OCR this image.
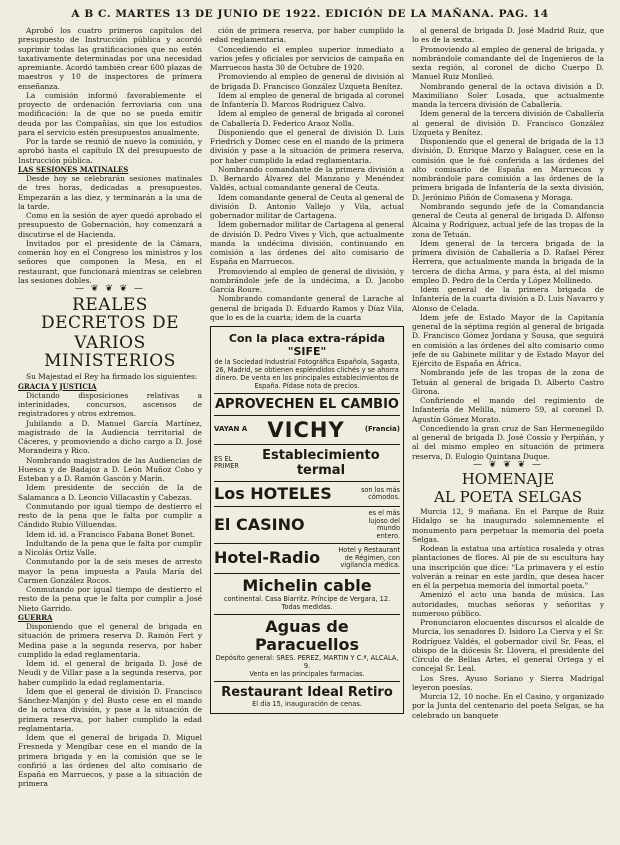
A B C. MARTES 13 DE JUNIO DE 1922. EDICIÓN DE LA MAÑANA. PAG. 14

Aprobó los cuatro primeros capítulos del presupuesto de Instrucción pública y acordó suprimir todas las gratificaciones que no estén taxativamente determinadas por una necesidad apremiante. Acordó también crear 600 plazas de maestros y 10 de inspectores de primera enseñanza.

La comisión informó favorablemente el proyecto de ordenación ferroviaria con una modificación: la de que no se pueda emitir deuda por las Compañías, sin que los estudios para el servicio estén presupuestos anualmente.

Por la tarde se reunió de nuevo la comisión, y aprobó hasta el capítulo IX del presupuesto de Instrucción pública.

LAS SESIONES MATINALES

Desde hoy se celebrarán sesiones matinales de tres horas, dedicadas a presupuestos. Empezarán a las diez, y terminarán a la una de la tarde.

Como en la sesión de ayer quedó aprobado el presupuesto de Gobernación, hoy comenzará a discutirse el de Hacienda.

Invitados por el presidente de la Cámara, comerán hoy en el Congreso los ministros y los señores que componen la Mesa, en el restaurant, que funcionará mientras se celebren las sesiones dobles.

— ❦ ❦ ❦ —

REALES DECRETOS DE

VARIOS MINISTERIOS

Su Majestad el Rey ha firmado los siguientes:

GRACIA Y JUSTICIA

Dictando disposiciones relativas a interinidades, concursos, ascensos de registradores y otros extremos.

Jubilando a D. Manuel García Martínez, magistrado de la Audiencia territorial de Cáceres, y promoviendo a dicho cargo a D. José Morandeira y Rico.

Nombrando magistrados de las Audiencias de Huesca y de Badajoz a D. León Muñoz Cobo y Esteban y a D. Ramón Gascón y Marín.

Idem presidente de sección de la de Salamanca a D. Leoncio Villacastín y Cabezas.

Conmutando por igual tiempo de destierro el resto de la pena que le falta por cumplir a Cándido Rubio Villuendas.

Idem id. id. a Francisco Fabana Bonet Bonet.

Indultando de la pena que le falta por cumplir a Nicolás Ortiz Valle.

Conmutando por la de seis meses de arresto mayor la pena impuesta a Paula María del Carmen González Rocos.

Conmutando por igual tiempo de destierro el resto de la pena que le falta por cumplir a José Nieto Garrido.

GUERRA

Disponiendo que el general de brigada en situación de primera reserva D. Ramón Fert y Medina pase a la segunda reserva, por haber cumplido la edad reglamentaria.

Idem id. el general de brigada D. José de Neudi y de Villar pase a la segunda reserva, por haber cumplido la edad reglamentaria.

Idem que el general de división D. Francisco Sánchez-Manjón y del Busto cese en el mando de la octava división, y pase a la situación de primera reserva, por haber cumplido la edad reglamentaria.

Idem que el general de brigada D. Miguel Fresneda y Mengíbar cese en el mando de la primera brigada y en la comisión que se le confirió a las órdenes del alto comisario de España en Marruecos, y pase a la situación de primera

ción de primera reserva, por haber cumplido la edad reglamentaria.

Concediendo el empleo superior inmediato a varios jefes y oficiales por servicios de campaña en Marruecos hasta 30 de Octubre de 1920.

Promoviendo al empleo de general de división al de brigada D. Francisco González Uzqueta Benítez.

Idem al empleo de general de brigada al coronel de Infantería D. Marcos Rodríguez Calvo.

Idem al empleo de general de brigada al coronel de Caballería D. Federico Araoz Nolla.

Disponiendo que el general de división D. Luis Friedrich y Domec cese en el mando de la primera división y pase a la situación de primera reserva, por haber cumplido la edad reglamentaria.

Nombrando comandante de la primera división a D. Bernardo Álvarez del Manzano y Menéndez Valdés, actual comandante general de Ceuta.

Idem comandante general de Ceuta al general de división D. Antonio Vallejo y Vila, actual gobernador militar de Cartagena.

Idem gobernador militar de Cartagena al general de división D. Pedro Vives y Vich, que actualmente manda la undécima división, continuando en comisión a las órdenes del alto comisario de España en Marruecos.

Promoviendo al empleo de general de división, y nombrándole jefe de la undécima, a D. Jacobo García Roure.

Nombrando comandante general de Larache al general de brigada D. Eduardo Ramos y Díaz Vila, que lo es de la cuarta; idem de la cuarta

Con la placa extra-rápida
"SIFE"
de la Sociedad Industrial Fotográfica Española, Sagasta, 26, Madrid, se obtienen espléndidos clichés y se ahorra dinero. De venta en los principales establecimientos de España. Pídase nota de precios.
APROVECHEN EL CAMBIO
VAYAN A VICHY	(Francia)
ES EL PRIMER
Establecimiento termal
Los HOTELES	son los más cómodos.
El CASINO
es el más lujoso del mundo entero.
Hotel-Radio	Hotel y Restaurant de Régimen, con vigilancia médica.
Michelin cable
continental. Casa Biarritz. Príncipe de Vergara, 12. Todas medidas.
Aguas de Paracuellos
Depósito general: SRES. PEREZ, MARTIN Y C.ª, ALCALA, 9.
Venta en las principales farmacias.
Restaurant Ideal Retiro
El día 15, inauguración de cenas.

al general de brigada D. José Madrid Ruiz, que lo es de la sexta.

Promoviendo al empleo de general de brigada, y nombrándole comandante del de Ingenieros de la sexta región, al coronel de dicho Cuerpo D. Manuel Ruiz Monlleó.

Nombrando general de la octava división a D. Maximiliano Soler Losada, que actualmente manda la tercera división de Caballería.

Idem general de la tercera división de Caballería al general de división D. Francisco González Uzqueta y Benítez.

Disponiendo que el general de brigada de la 13 división, D. Enrique Marzo y Balaguer, cese en la comisión que le fué conferida a las órdenes del alto comisario de España en Marruecos y nombrándole para comisión a las órdenes de la primera brigada de Infantería de la sexta división, D. Jerónimo Piñón de Comasena y Moraga.

Nombrando segundo jefe de la Comandancia general de Ceuta al general de brigada D. Alfonso Alcaina y Rodríguez, actual jefe de las tropas de la zona de Tetuán.

Idem general de la tercera brigada de la primera división de Caballería a D. Rafael Pérez Herrera, que actualmente manda la brigada de la tercera de dicha Arma, y para ésta, al del mismo empleo D. Pedro de la Cerda y López Mollinedo.

Idem general de la primera brigada de Infantería de la cuarta división a D. Luis Navarro y Alonso de Celada.

Idem jefe de Estado Mayor de la Capitanía general de la séptima región al general de brigada D. Francisco Gómez Jordana y Sousa, que seguirá en comisión a las órdenes del alto comisario como jefe de su Gabinete militar y de Estado Mayor del Ejército de España en África.

Nombrando jefe de las tropas de la zona de Tetuán al general de brigada D. Alberto Castro Girona.

Confiriendo el mando del regimiento de Infantería de Melilla, número 59, al coronel D. Agustín Gómez Morato.

Concediendo la gran cruz de San Hermenegildo al general de brigada D. José Cossío y Perpiñán, y al del mismo empleo en situación de primera reserva, D. Eulogio Quintana Duque.

— ❦ ❦ ❦ —

HOMENAJE

AL POETA SELGAS

Murcia 12, 9 mañana. En el Parque de Ruiz Hidalgo se ha inaugurado solemnemente el monumento para perpetuar la memoria del poeta Selgas.

Rodean la estatua una artística rosaleda y otras plantaciones de flores. Al pie de su escultura hay una inscripción que dice: "La primavera y el estío volverán a reinar en este jardín, que desea hacer en él la perpetua memoria del inmortal poeta."

Amenizó el acto una banda de música. Las autoridades, muchas señoras y señoritas y numeroso público.

Pronunciaron elocuentes discursos el alcalde de Murcia, los senadores D. Isidoro La Cierva y el Sr. Rodríguez Valdés, el gobernador civil Sr. Feas, el obispo de la diócesis Sr. Llovera, el presidente del Círculo de Bellas Artes, el general Ortega y el concejal Sr. Leal.

Los Sres. Ayuso Soriano y Sierra Madrigal leyeron poesías.

Murcia 12, 10 noche. En el Casino, y organizado por la Junta del centenario del poeta Selgas, se ha celebrado un banquete
